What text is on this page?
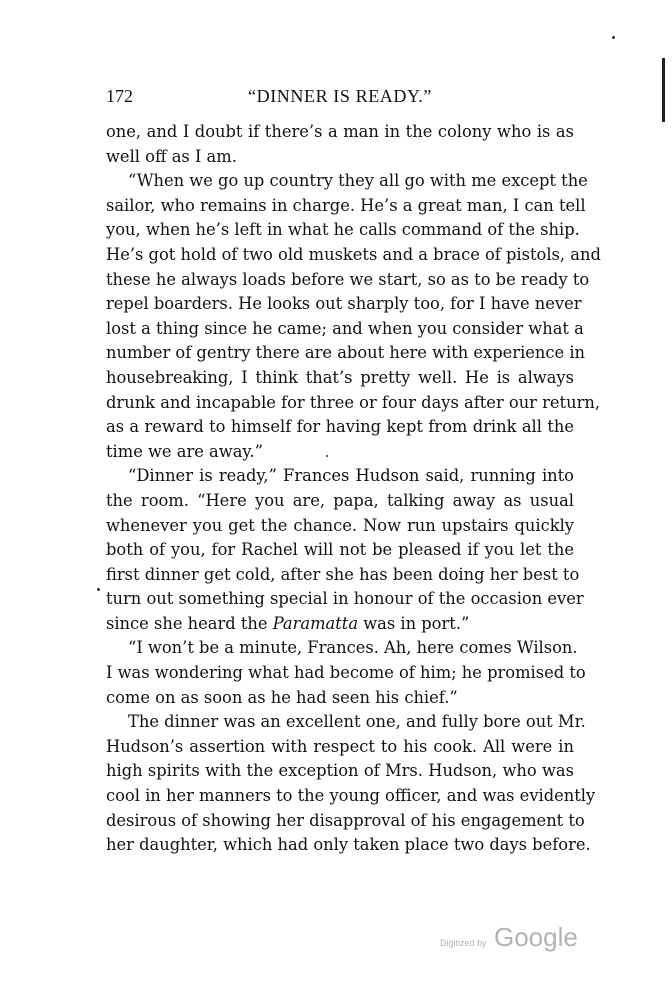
172	“DINNER IS READY.”
one, and I doubt if there’s a man in the colony who is as
well off as I am.
“When we go up country they all go with me except the
sailor, who remains in charge. He’s a great man, I can tell
you, when he’s left in what he calls command of the ship.
He’s got hold of two old muskets and a brace of pistols, and
these he always loads before we start, so as to be ready to
repel boarders. He looks out sharply too, for I have never
lost a thing since he came; and when you consider what a
number of gentry there are about here with experience in
housebreaking, I think that’s pretty well. He is always
drunk and incapable for three or four days after our return,
as a reward to himself for having kept from drink all the
time we are away.”
“Dinner is ready,” Frances Hudson said, running into
the room. “Here you are, papa, talking away as usual
whenever you get the chance. Now run upstairs quickly
both of you, for Rachel will not be pleased if you let the
first dinner get cold, after she has been doing her best to
turn out something special in honour of the occasion ever
since she heard the Paramatta was in port.”
“I won’t be a minute, Frances. Ah, here comes Wilson.
I was wondering what had become of him; he promised to
come on as soon as he had seen his chief.”
The dinner was an excellent one, and fully bore out Mr.
Hudson’s assertion with respect to his cook. All were in
high spirits with the exception of Mrs. Hudson, who was
cool in her manners to the young officer, and was evidently
desirous of showing her disapproval of his engagement to
her daughter, which had only taken place two days before.
Digitized by Google
